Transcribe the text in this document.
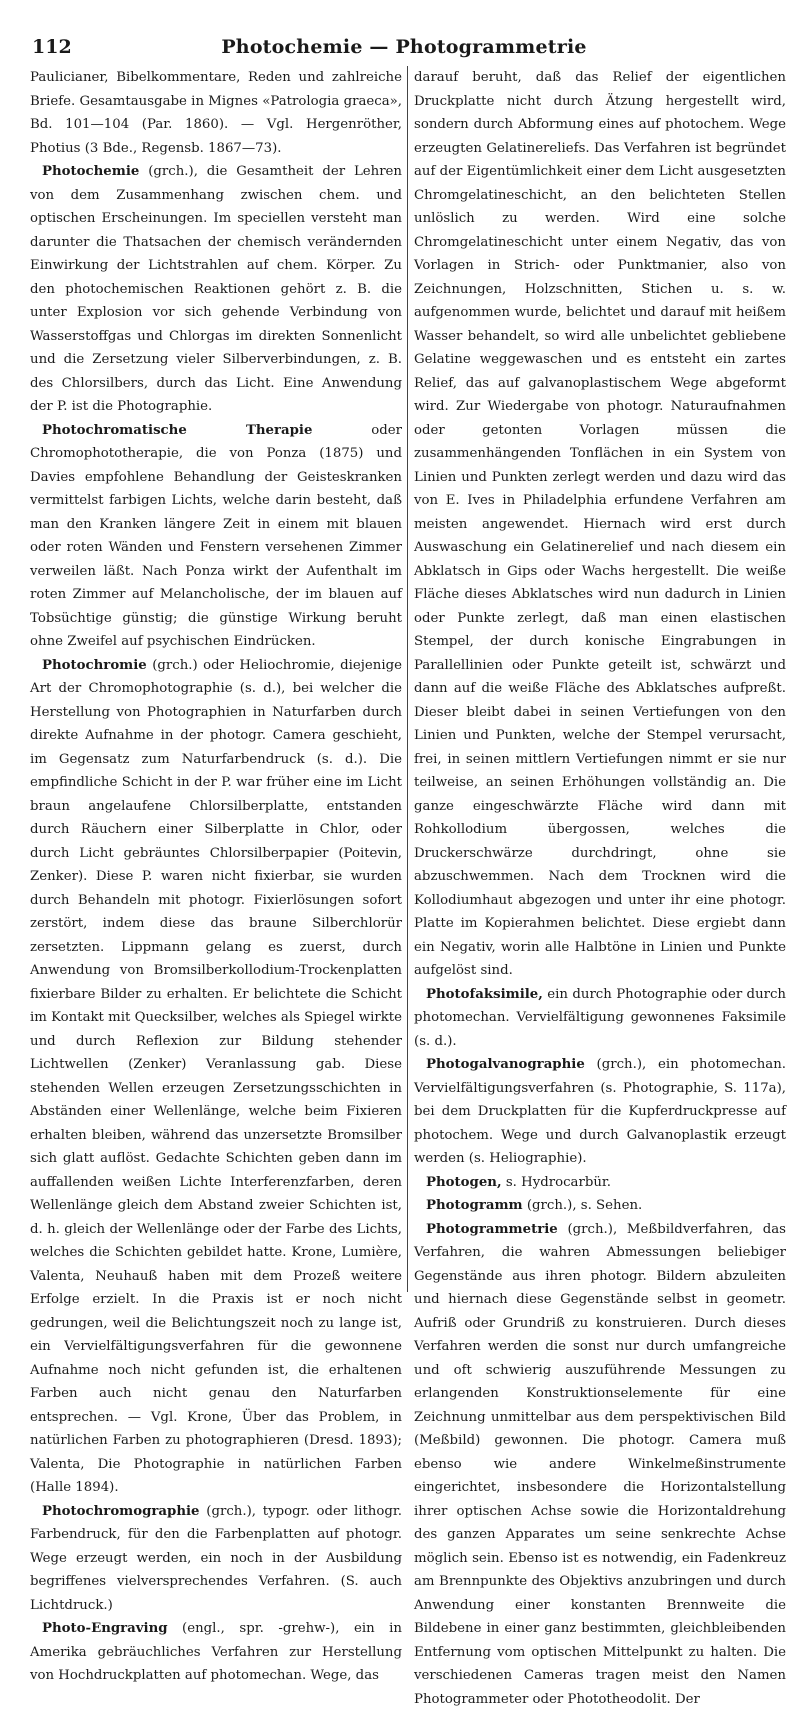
112	Photochemie — Photogrammetrie

Paulicianer, Bibelkommentare, Reden und zahlreiche Briefe. Gesamtausgabe in Mignes «Patrologia graeca», Bd. 101—104 (Par. 1860). — Vgl. Hergenröther, Photius (3 Bde., Regensb. 1867—73).

Photochemie (grch.), die Gesamtheit der Lehren von dem Zusammenhang zwischen chem. und optischen Erscheinungen. Im speciellen versteht man darunter die Thatsachen der chemisch verändernden Einwirkung der Lichtstrahlen auf chem. Körper. Zu den photochemischen Reaktionen gehört z. B. die unter Explosion vor sich gehende Verbindung von Wasserstoffgas und Chlorgas im direkten Sonnenlicht und die Zersetzung vieler Silberverbindungen, z. B. des Chlorsilbers, durch das Licht. Eine Anwendung der P. ist die Photographie.

Photochromatische Therapie	oder Chromophototherapie, die von Ponza (1875) und Davies empfohlene Behandlung der Geisteskranken vermittelst farbigen Lichts, welche darin besteht, daß man den Kranken längere Zeit in einem mit blauen oder roten Wänden und Fenstern versehenen Zimmer verweilen läßt. Nach Ponza wirkt der Aufenthalt im roten Zimmer auf Melancholische, der im blauen auf Tobsüchtige günstig; die günstige Wirkung beruht ohne Zweifel auf psychischen Eindrücken.

Photochromie (grch.) oder Heliochromie, diejenige Art der Chromophotographie (s. d.), bei welcher die Herstellung von Photographien in Naturfarben durch direkte Aufnahme in der photogr. Camera geschieht, im Gegensatz zum Naturfarbendruck (s. d.). Die empfindliche Schicht in der P. war früher eine im Licht braun angelaufene Chlorsilberplatte, entstanden durch Räuchern einer Silberplatte in Chlor, oder durch Licht gebräuntes Chlorsilberpapier (Poitevin, Zenker). Diese P. waren nicht fixierbar, sie wurden durch Behandeln mit photogr. Fixierlösungen sofort zerstört, indem diese das braune Silberchlorür zersetzten. Lippmann gelang es zuerst, durch Anwendung von Bromsilberkollodium-Trockenplatten fixierbare Bilder zu erhalten. Er belichtete die Schicht im Kontakt mit Quecksilber, welches als Spiegel wirkte und durch Reflexion zur Bildung stehender Lichtwellen (Zenker) Veranlassung gab. Diese stehenden Wellen erzeugen Zersetzungsschichten in Abständen einer Wellenlänge, welche beim Fixieren erhalten bleiben, während das unzersetzte Bromsilber sich glatt auflöst. Gedachte Schichten geben dann im auffallenden weißen Lichte Interferenzfarben, deren Wellenlänge gleich dem Abstand zweier Schichten ist, d. h. gleich der Wellenlänge oder der Farbe des Lichts, welches die Schichten gebildet hatte. Krone, Lumière, Valenta, Neuhauß haben mit dem Prozeß weitere Erfolge erzielt. In die Praxis ist er noch nicht gedrungen, weil die Belichtungszeit noch zu lange ist, ein Vervielfältigungsverfahren für die gewonnene Aufnahme noch nicht gefunden ist, die erhaltenen Farben auch nicht genau den Naturfarben entsprechen. — Vgl. Krone, Über das Problem, in natürlichen Farben zu photographieren (Dresd. 1893); Valenta, Die Photographie in natürlichen Farben (Halle 1894).

Photochromographie (grch.), typogr. oder lithogr. Farbendruck, für den die Farbenplatten auf photogr. Wege erzeugt werden, ein noch in der Ausbildung begriffenes vielversprechendes Verfahren. (S. auch Lichtdruck.)

Photo-Engraving (engl., spr. -grehw-), ein in Amerika gebräuchliches Verfahren zur Herstellung von Hochdruckplatten auf photomechan. Wege, das

darauf beruht, daß das Relief der eigentlichen Druckplatte nicht durch Ätzung hergestellt wird, sondern durch Abformung eines auf photochem. Wege erzeugten Gelatinereliefs. Das Verfahren ist begründet auf der Eigentümlichkeit einer dem Licht ausgesetzten Chromgelatineschicht, an den belichteten Stellen unlöslich zu werden. Wird eine solche Chromgelatineschicht unter einem Negativ, das von Vorlagen in Strich- oder Punktmanier, also von Zeichnungen, Holzschnitten, Stichen u. s. w. aufgenommen wurde, belichtet und darauf mit heißem Wasser behandelt, so wird alle unbelichtet gebliebene Gelatine weggewaschen und es entsteht ein zartes Relief, das auf galvanoplastischem Wege abgeformt wird. Zur Wiedergabe von photogr. Naturaufnahmen oder getonten Vorlagen müssen die zusammenhängenden Tonflächen in ein System von Linien und Punkten zerlegt werden und dazu wird das von E. Ives in Philadelphia erfundene Verfahren am meisten angewendet. Hiernach wird erst durch Auswaschung ein Gelatinerelief und nach diesem ein Abklatsch in Gips oder Wachs hergestellt. Die weiße Fläche dieses Abklatsches wird nun dadurch in Linien oder Punkte zerlegt, daß man einen elastischen Stempel, der durch konische Eingrabungen in Parallellinien oder Punkte geteilt ist, schwärzt und dann auf die weiße Fläche des Abklatsches aufpreßt. Dieser bleibt dabei in seinen Vertiefungen von den Linien und Punkten, welche der Stempel verursacht, frei, in seinen mittlern Vertiefungen nimmt er sie nur teilweise, an seinen Erhöhungen vollständig an. Die ganze eingeschwärzte Fläche wird dann mit Rohkollodium übergossen, welches die Druckerschwärze durchdringt, ohne sie abzuschwemmen. Nach dem Trocknen wird die Kollodiumhaut abgezogen und unter ihr eine photogr. Platte im Kopierahmen belichtet. Diese ergiebt dann ein Negativ, worin alle Halbtöne in Linien und Punkte aufgelöst sind.

Photofaksimile, ein durch Photographie oder durch photomechan. Vervielfältigung gewonnenes Faksimile (s. d.).

Photogalvanographie (grch.), ein photomechan. Vervielfältigungsverfahren (s. Photographie, S. 117a), bei dem Druckplatten für die Kupferdruckpresse auf photochem. Wege und durch Galvanoplastik erzeugt werden (s. Heliographie).

Photogen, s. Hydrocarbür.

Photogramm (grch.), s. Sehen.

Photogrammetrie (grch.), Meßbildverfahren, das Verfahren, die wahren Abmessungen beliebiger Gegenstände aus ihren photogr. Bildern abzuleiten und hiernach diese Gegenstände selbst in geometr. Aufriß oder Grundriß zu konstruieren. Durch dieses Verfahren werden die sonst nur durch umfangreiche und oft schwierig auszuführende Messungen zu erlangenden Konstruktionselemente für eine Zeichnung unmittelbar aus dem perspektivischen Bild (Meßbild) gewonnen. Die photogr. Camera muß ebenso wie andere Winkelmeßinstrumente eingerichtet, insbesondere die Horizontalstellung ihrer optischen Achse sowie die Horizontaldrehung des ganzen Apparates um seine senkrechte Achse möglich sein. Ebenso ist es notwendig, ein Fadenkreuz am Brennpunkte des Objektivs anzubringen und durch Anwendung einer konstanten Brennweite die Bildebene in einer ganz bestimmten, gleichbleibenden Entfernung vom optischen Mittelpunkt zu halten. Die verschiedenen Cameras tragen meist den Namen Photogrammeter oder Phototheodolit. Der
